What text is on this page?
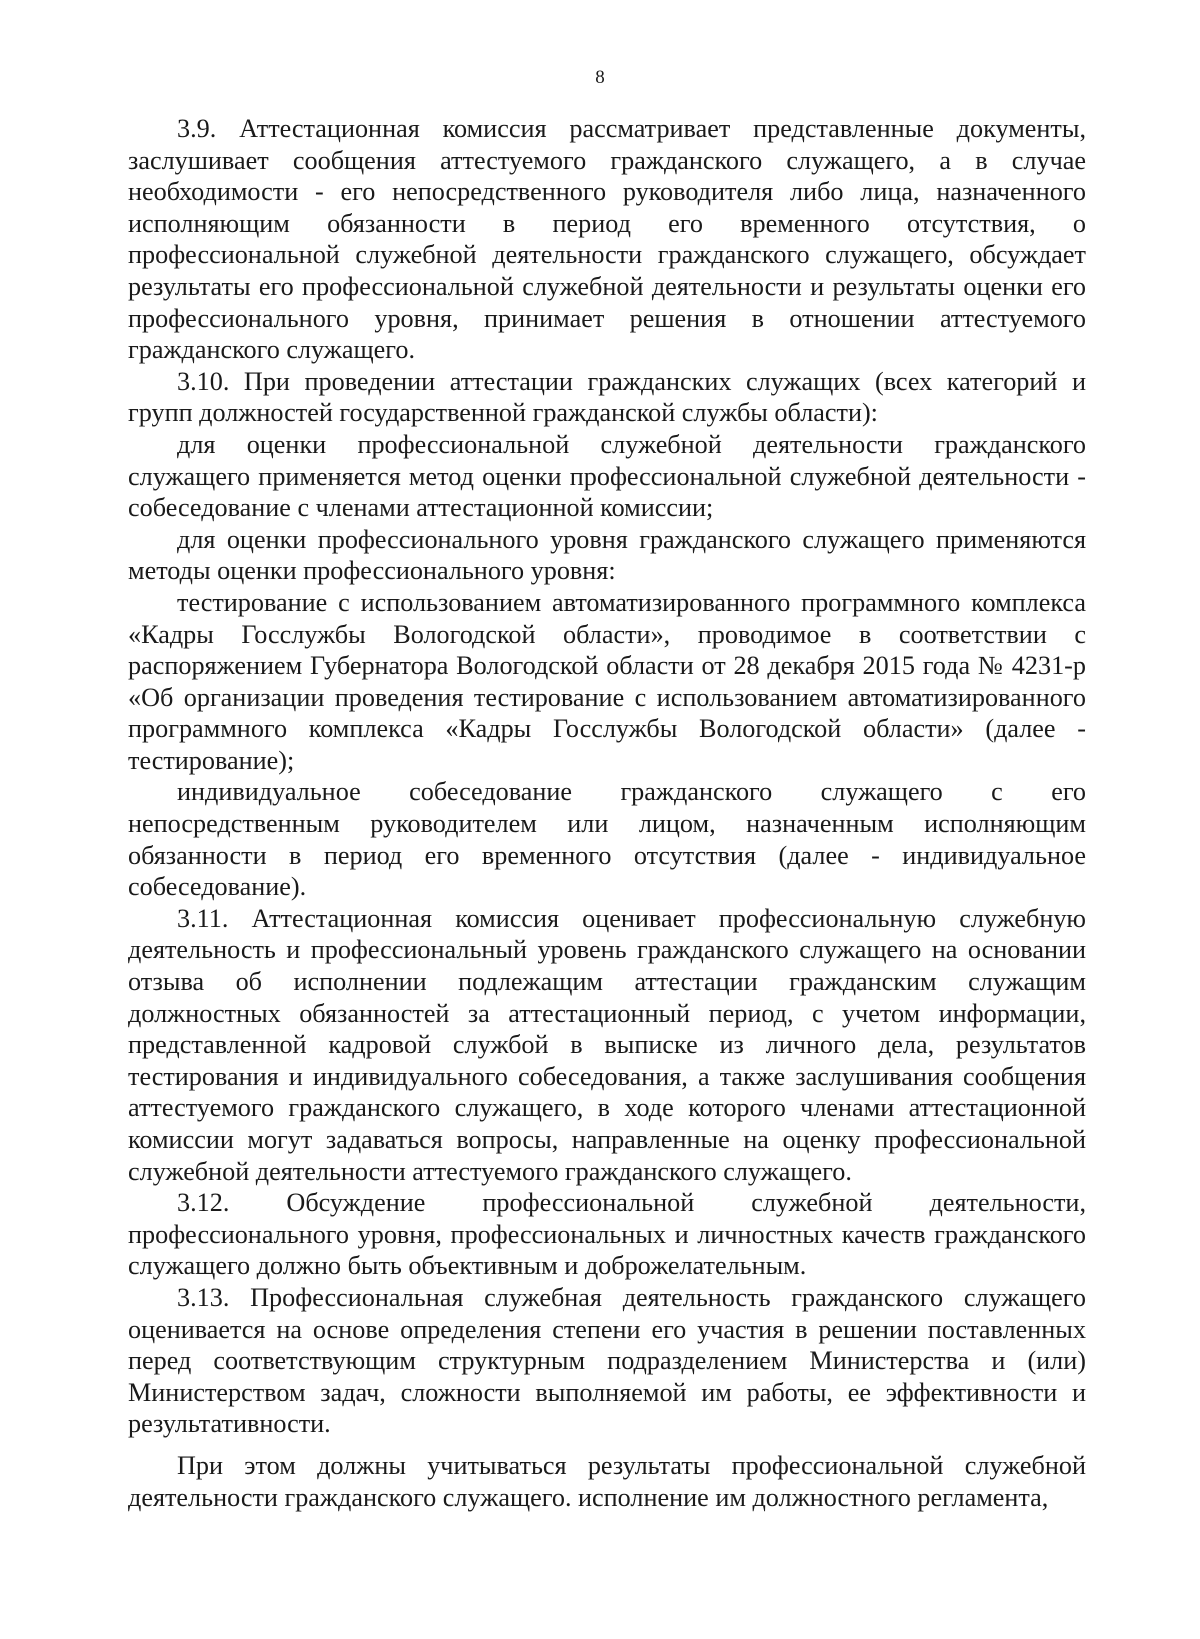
8

3.9. Аттестационная комиссия рассматривает представленные документы, заслушивает сообщения аттестуемого гражданского служащего, а в случае необходимости - его непосредственного руководителя либо лица, назначенного исполняющим обязанности в период его временного отсутствия, о профессиональной служебной деятельности гражданского служащего, обсуждает результаты его профессиональной служебной деятельности и результаты оценки его профессионального уровня, принимает решения в отношении аттестуемого гражданского служащего.

3.10. При проведении аттестации гражданских служащих (всех категорий и групп должностей государственной гражданской службы области):

для оценки профессиональной служебной деятельности гражданского служащего применяется метод оценки профессиональной служебной деятельности - собеседование с членами аттестационной комиссии;

для оценки профессионального уровня гражданского служащего применяются методы оценки профессионального уровня:

тестирование с использованием автоматизированного программного комплекса «Кадры Госслужбы Вологодской области», проводимое в соответствии с распоряжением Губернатора Вологодской области от 28 декабря 2015 года № 4231-р «Об организации проведения тестирование с использованием автоматизированного программного комплекса «Кадры Госслужбы Вологодской области» (далее - тестирование);

индивидуальное собеседование гражданского служащего с его непосредственным руководителем или лицом, назначенным исполняющим обязанности в период его временного отсутствия (далее - индивидуальное собеседование).

3.11. Аттестационная комиссия оценивает профессиональную служебную деятельность и профессиональный уровень гражданского служащего на основании отзыва об исполнении подлежащим аттестации гражданским служащим должностных обязанностей за аттестационный период, с учетом информации, представленной кадровой службой в выписке из личного дела, результатов тестирования и индивидуального собеседования, а также заслушивания сообщения аттестуемого гражданского служащего, в ходе которого членами аттестационной комиссии могут задаваться вопросы, направленные на оценку профессиональной служебной деятельности аттестуемого гражданского служащего.

3.12. Обсуждение профессиональной служебной деятельности, профессионального уровня, профессиональных и личностных качеств гражданского служащего должно быть объективным и доброжелательным.

3.13. Профессиональная служебная деятельность гражданского служащего оценивается на основе определения степени его участия в решении поставленных перед соответствующим структурным подразделением Министерства и (или) Министерством задач, сложности выполняемой им работы, ее эффективности и результативности.

При этом должны учитываться результаты профессиональной служебной деятельности гражданского служащего. исполнение им должностного регламента,
